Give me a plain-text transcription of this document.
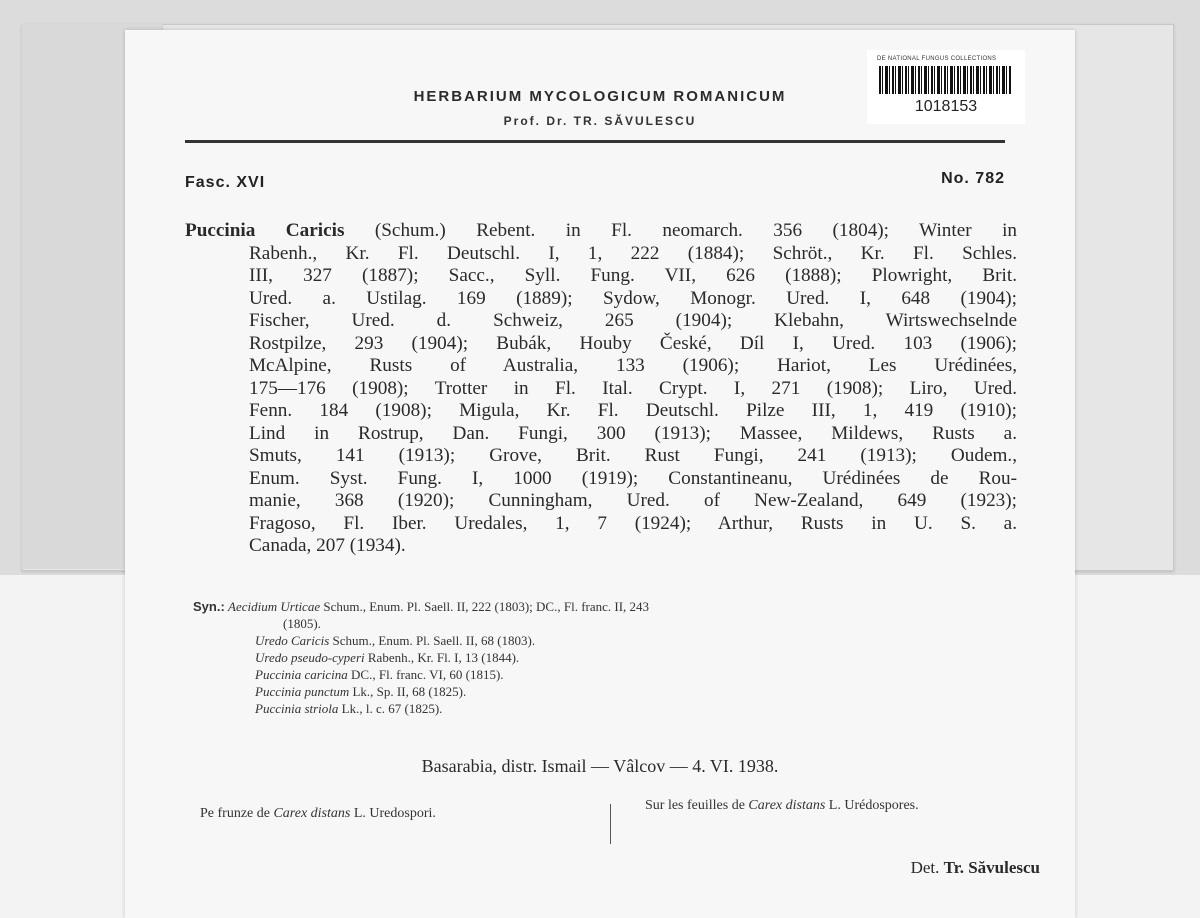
HERBARIUM MYCOLOGICUM ROMANICUM
Prof. Dr. TR. SĂVULESCU
DE NATIONAL FUNGUS COLLECTIONS
1018153
Fasc. XVI	No. 782
Puccinia Caricis (Schum.) Rebent. in Fl. neomarch. 356 (1804); Winter in
Rabenh., Kr. Fl. Deutschl. I, 1, 222 (1884); Schröt., Kr. Fl. Schles.
III, 327 (1887); Sacc., Syll. Fung. VII, 626 (1888); Plowright, Brit.
Ured. a. Ustilag. 169 (1889); Sydow, Monogr. Ured. I, 648 (1904);
Fischer, Ured. d. Schweiz, 265 (1904); Klebahn, Wirtswechselnde
Rostpilze, 293 (1904); Bubák, Houby České, Díl I, Ured. 103 (1906);
McAlpine, Rusts of Australia, 133 (1906); Hariot, Les Urédinées,
175—176 (1908); Trotter in Fl. Ital. Crypt. I, 271 (1908); Liro, Ured.
Fenn. 184 (1908); Migula, Kr. Fl. Deutschl. Pilze III, 1, 419 (1910);
Lind in Rostrup, Dan. Fungi, 300 (1913); Massee, Mildews, Rusts a.
Smuts, 141 (1913); Grove, Brit. Rust Fungi, 241 (1913); Oudem.,
Enum. Syst. Fung. I, 1000 (1919); Constantineanu, Urédinées de Rou-
manie, 368 (1920); Cunningham, Ured. of New-Zealand, 649 (1923);
Fragoso, Fl. Iber. Uredales, 1, 7 (1924); Arthur, Rusts in U. S. a.
Canada, 207 (1934).
Syn.: Aecidium Urticae Schum., Enum. Pl. Saell. II, 222 (1803); DC., Fl. franc. II, 243
(1805).
Uredo Caricis Schum., Enum. Pl. Saell. II, 68 (1803).
Uredo pseudo-cyperi Rabenh., Kr. Fl. I, 13 (1844).
Puccinia caricina DC., Fl. franc. VI, 60 (1815).
Puccinia punctum Lk., Sp. II, 68 (1825).
Puccinia striola Lk., l. c. 67 (1825).
Basarabia, distr. Ismail — Vâlcov — 4. VI. 1938.
Pe frunze de Carex distans L. Uredospori.
Sur les feuilles de Carex distans L. Urédospores.
Det. Tr. Săvulescu
